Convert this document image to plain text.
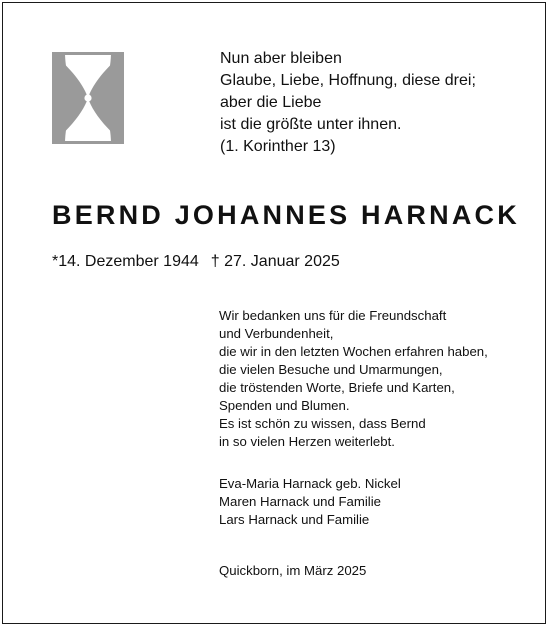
Nun aber bleiben
Glaube, Liebe, Hoffnung, diese drei;
aber die Liebe
ist die größte unter ihnen.
(1. Korinther 13)
BERND JOHANNES HARNACK
*14. Dezember 1944 † 27. Januar 2025
Wir bedanken uns für die Freundschaft
und Verbundenheit,
die wir in den letzten Wochen erfahren haben,
die vielen Besuche und Umarmungen,
die tröstenden Worte, Briefe und Karten,
Spenden und Blumen.
Es ist schön zu wissen, dass Bernd
in so vielen Herzen weiterlebt.
Eva-Maria Harnack geb. Nickel
Maren Harnack und Familie
Lars Harnack und Familie
Quickborn, im März 2025
